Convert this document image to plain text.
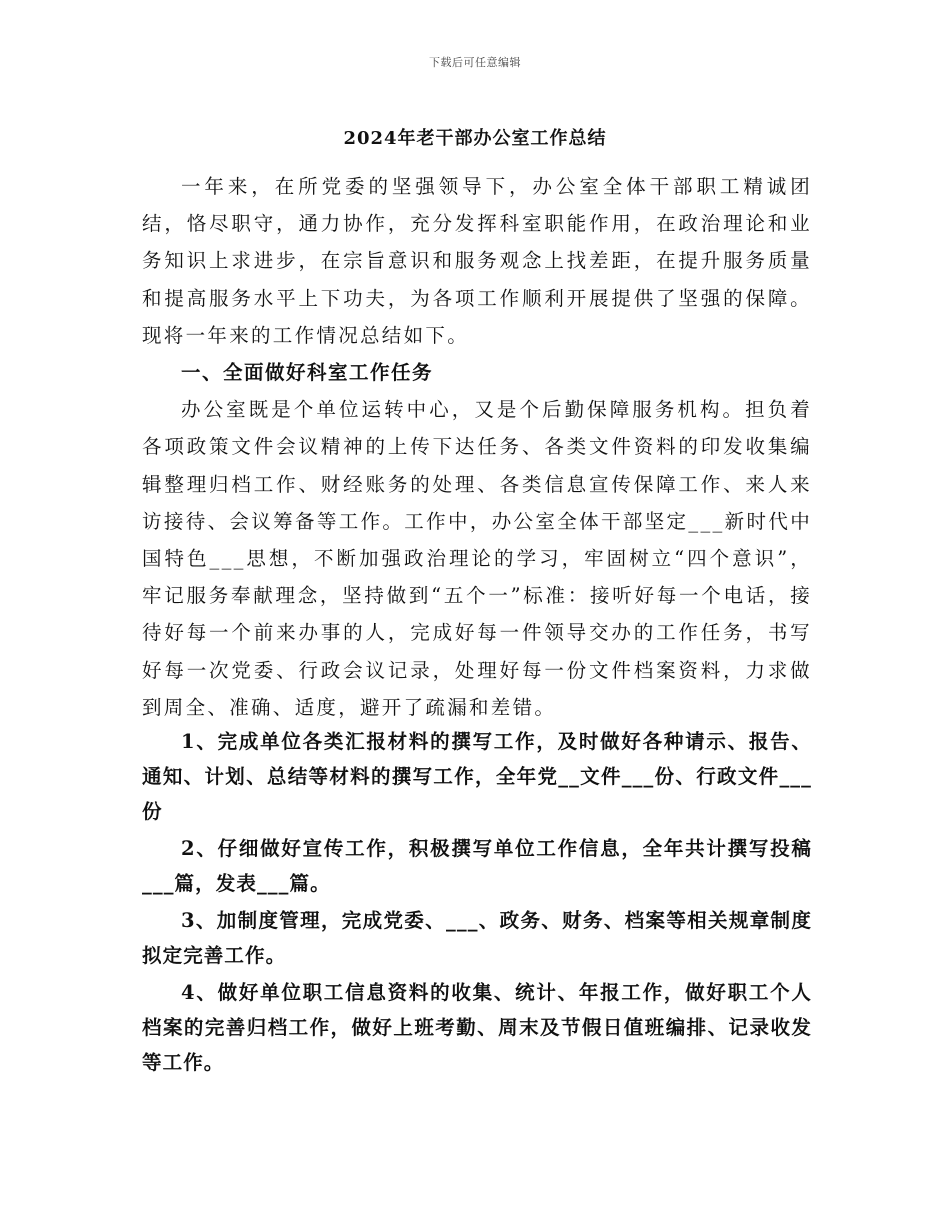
下载后可任意编辑
2024年老干部办公室工作总结

一年来，在所党委的坚强领导下，办公室全体干部职工精诚团结，恪尽职守，通力协作，充分发挥科室职能作用，在政治理论和业务知识上求进步，在宗旨意识和服务观念上找差距，在提升服务质量和提高服务水平上下功夫，为各项工作顺利开展提供了坚强的保障。现将一年来的工作情况总结如下。

一、全面做好科室工作任务

办公室既是个单位运转中心，又是个后勤保障服务机构。担负着各项政策文件会议精神的上传下达任务、各类文件资料的印发收集编辑整理归档工作、财经账务的处理、各类信息宣传保障工作、来人来访接待、会议筹备等工作。工作中，办公室全体干部坚定___新时代中国特色___思想，不断加强政治理论的学习，牢固树立“四个意识”，牢记服务奉献理念，坚持做到“五个一”标准：接听好每一个电话，接待好每一个前来办事的人，完成好每一件领导交办的工作任务，书写好每一次党委、行政会议记录，处理好每一份文件档案资料，力求做到周全、准确、适度，避开了疏漏和差错。

1、完成单位各类汇报材料的撰写工作，及时做好各种请示、报告、通知、计划、总结等材料的撰写工作，全年党__文件___份、行政文件___份

2、仔细做好宣传工作，积极撰写单位工作信息，全年共计撰写投稿___篇，发表___篇。

3、加制度管理，完成党委、___、政务、财务、档案等相关规章制度拟定完善工作。

4、做好单位职工信息资料的收集、统计、年报工作，做好职工个人档案的完善归档工作，做好上班考勤、周末及节假日值班编排、记录收发等工作。
